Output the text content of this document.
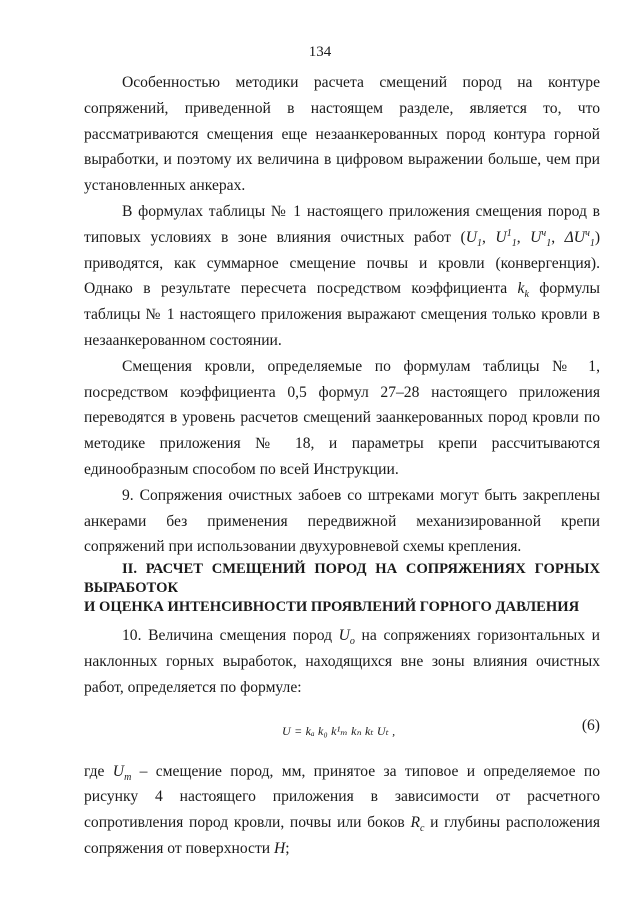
134

Особенностью методики расчета смещений пород на контуре сопряжений, приведенной в настоящем разделе, является то, что рассматриваются смещения еще незаанкерованных пород контура горной выработки, и поэтому их величина в цифровом выражении больше, чем при установленных анкерах.

В формулах таблицы № 1 настоящего приложения смещения пород в типовых условиях в зоне влияния очистных работ ($U_1$, $U^1_1$, $U^ч_1$, $\Delta U^ч_1$) приводятся, как суммарное смещение почвы и кровли (конвергенция). Однако в результате пересчета посредством коэффициента $k_k$ формулы таблицы № 1 настоящего приложения выражают смещения только кровли в незаанкерованном состоянии.

Смещения кровли, определяемые по формулам таблицы № 1, посредством коэффициента 0,5 формул 27–28 настоящего приложения переводятся в уровень расчетов смещений заанкерованных пород кровли по методике приложения № 18, и параметры крепи рассчитываются единообразным способом по всей Инструкции.

9. Сопряжения очистных забоев со штреками могут быть закреплены анкерами без применения передвижной механизированной крепи сопряжений при использовании двухуровневой схемы крепления.

II. РАСЧЕТ СМЕЩЕНИЙ ПОРОД НА СОПРЯЖЕНИЯХ ГОРНЫХ ВЫРАБОТОК
И ОЦЕНКА ИНТЕНСИВНОСТИ ПРОЯВЛЕНИЙ ГОРНОГО ДАВЛЕНИЯ

10. Величина смещения пород $U_о$ на сопряжениях горизонтальных и наклонных горных выработок, находящихся вне зоны влияния очистных работ, определяется по формуле:

U = kₐ k₀ k¹ₘ kₙ kₜ Uₜ ,	(6)

где $U_т$ – смещение пород, мм, принятое за типовое и определяемое по рисунку 4 настоящего приложения в зависимости от расчетного сопротивления пород кровли, почвы или боков $R_с$ и глубины расположения сопряжения от поверхности H;
